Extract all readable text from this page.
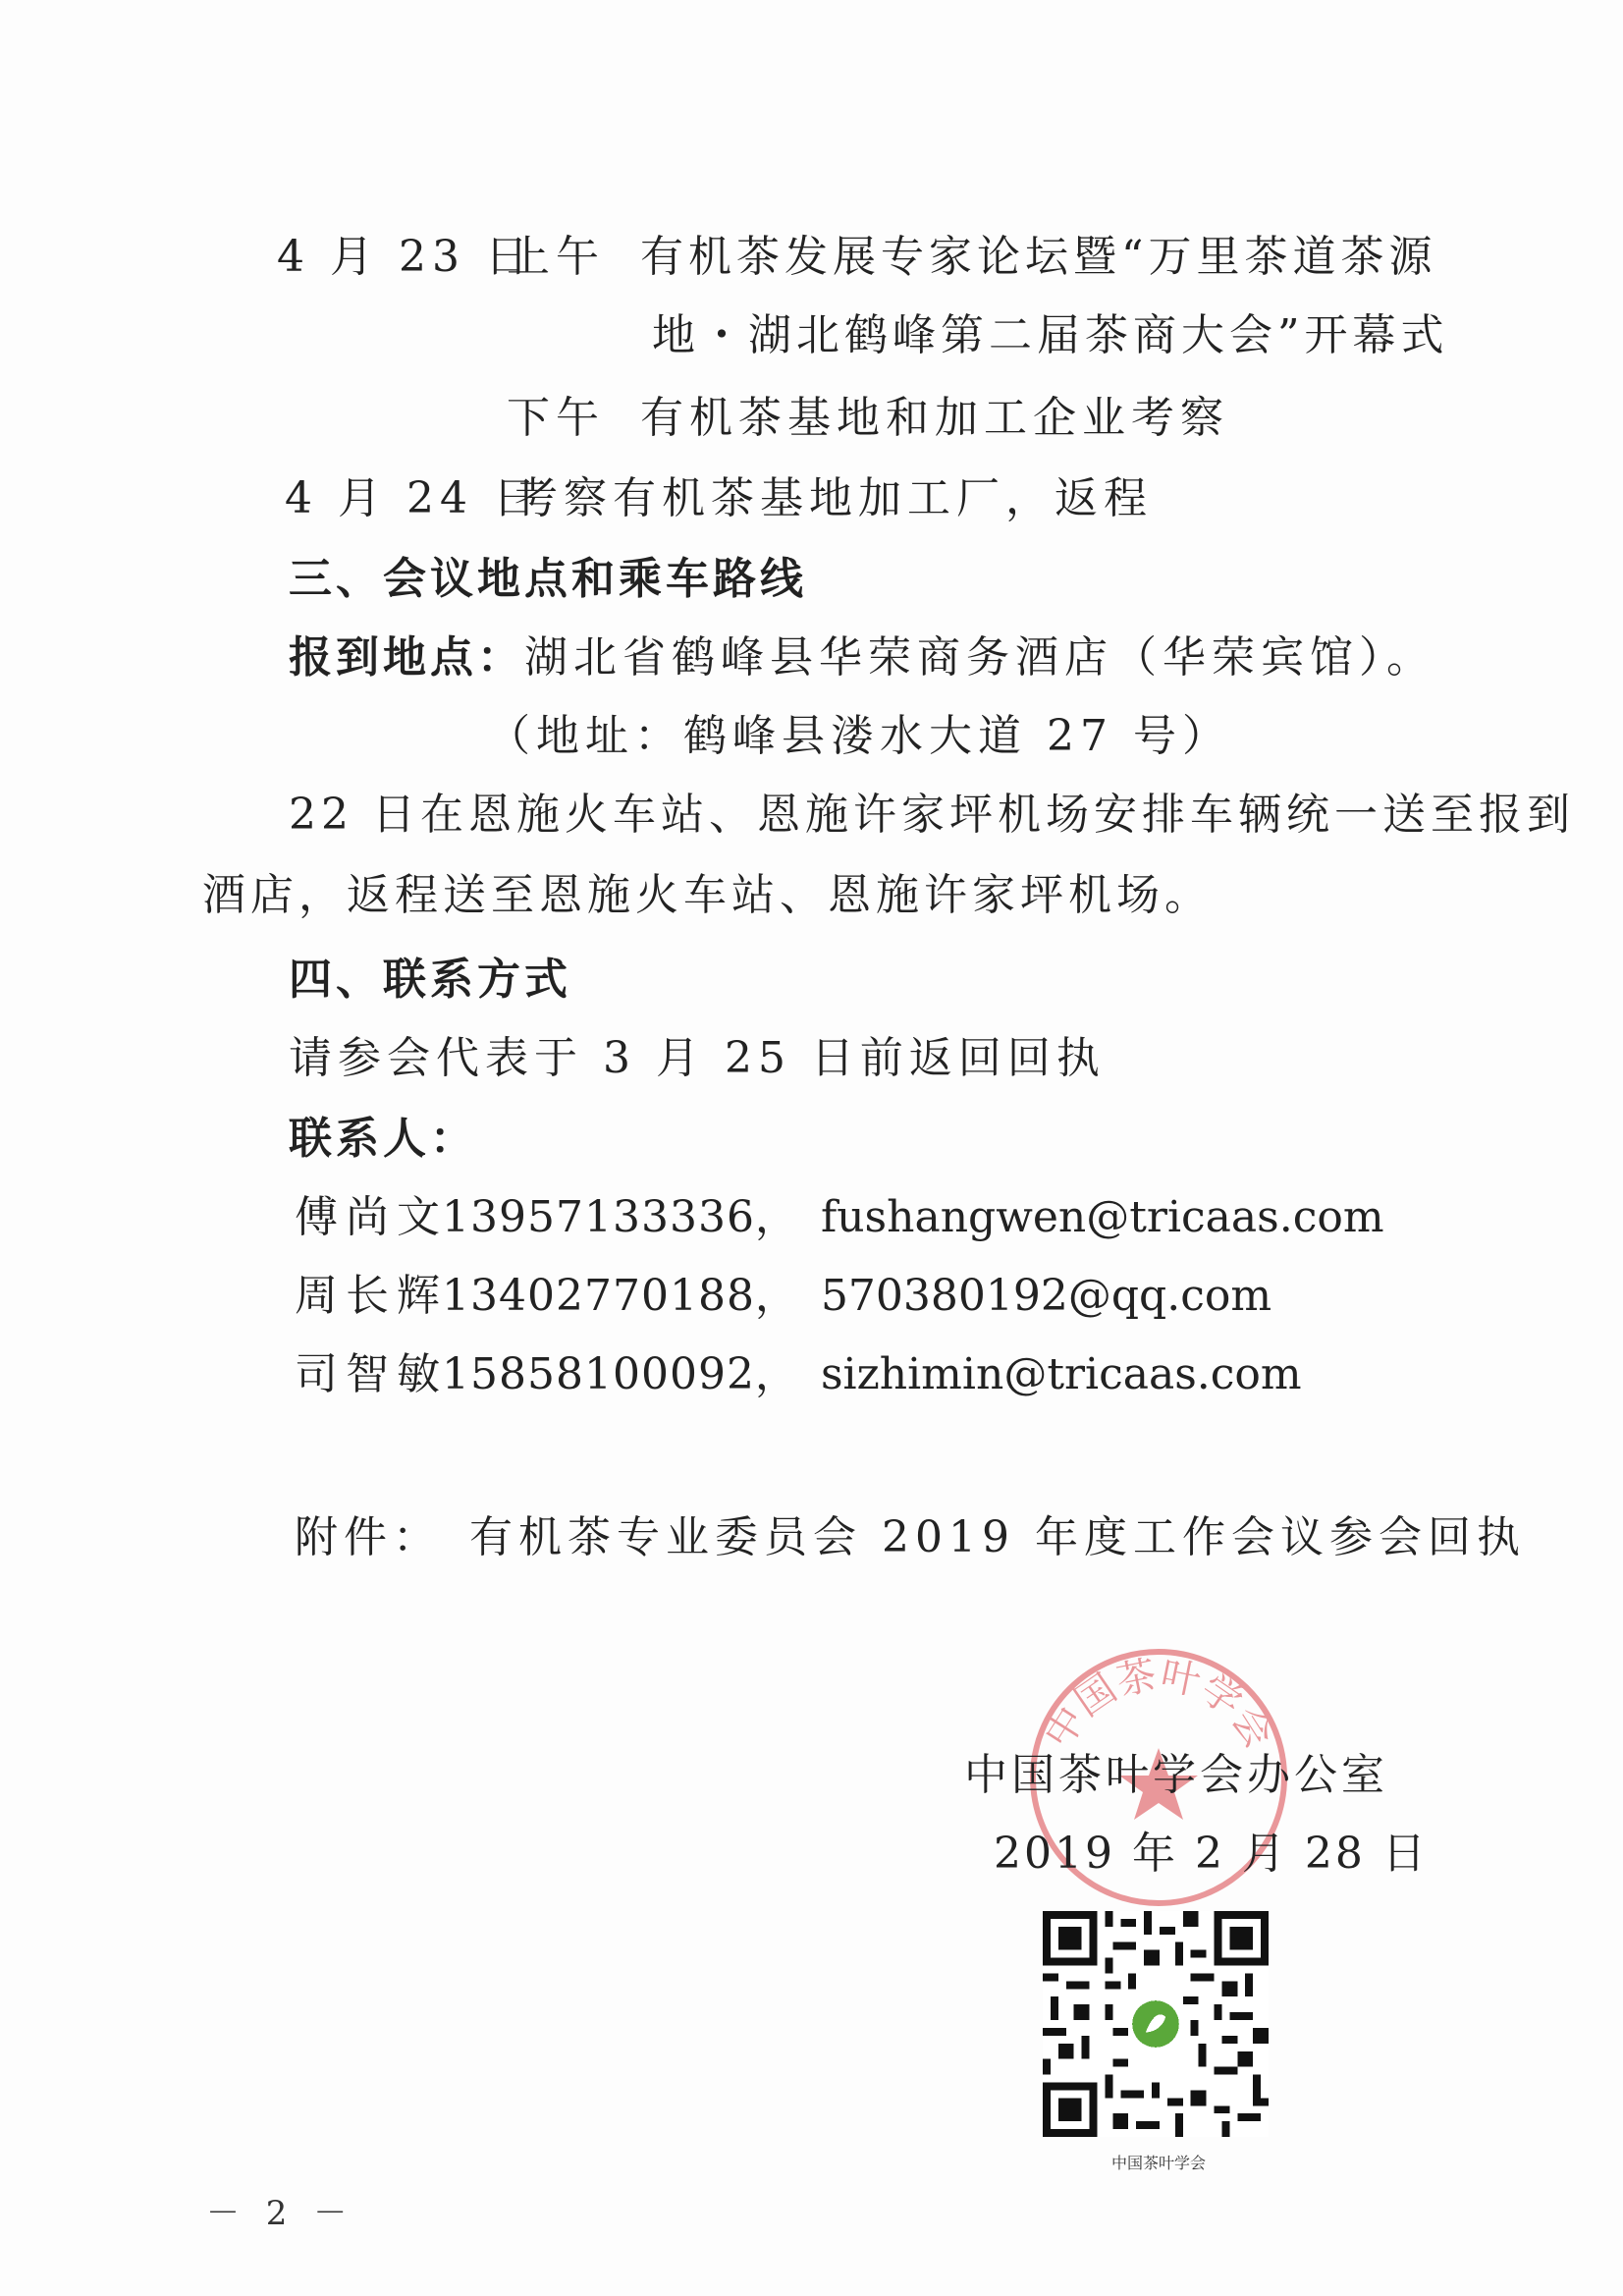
4 月 23 日
上午 有机茶发展专家论坛暨“万里茶道茶源
地・湖北鹤峰第二届茶商大会”开幕式
下午 有机茶基地和加工企业考察
4 月 24 日
考察有机茶基地加工厂，返程
三、会议地点和乘车路线
报到地点：湖北省鹤峰县华荣商务酒店（华荣宾馆）。
（地址：鹤峰县溇水大道 27 号）
22 日在恩施火车站、恩施许家坪机场安排车辆统一送至报到
酒店，返程送至恩施火车站、恩施许家坪机场。
四、联系方式
请参会代表于 3 月 25 日前返回回执
联系人：
傅尚文13957133336， fushangwen@tricaas.com
周长辉13402770188， 570380192@qq.com
司智敏15858100092， sizhimin@tricaas.com
附件：　有机茶专业委员会 2019 年度工作会议参会回执
中国茶叶学会
中国茶叶学会办公室
2019 年 2 月 28 日
中国茶叶学会
－ 2 －
